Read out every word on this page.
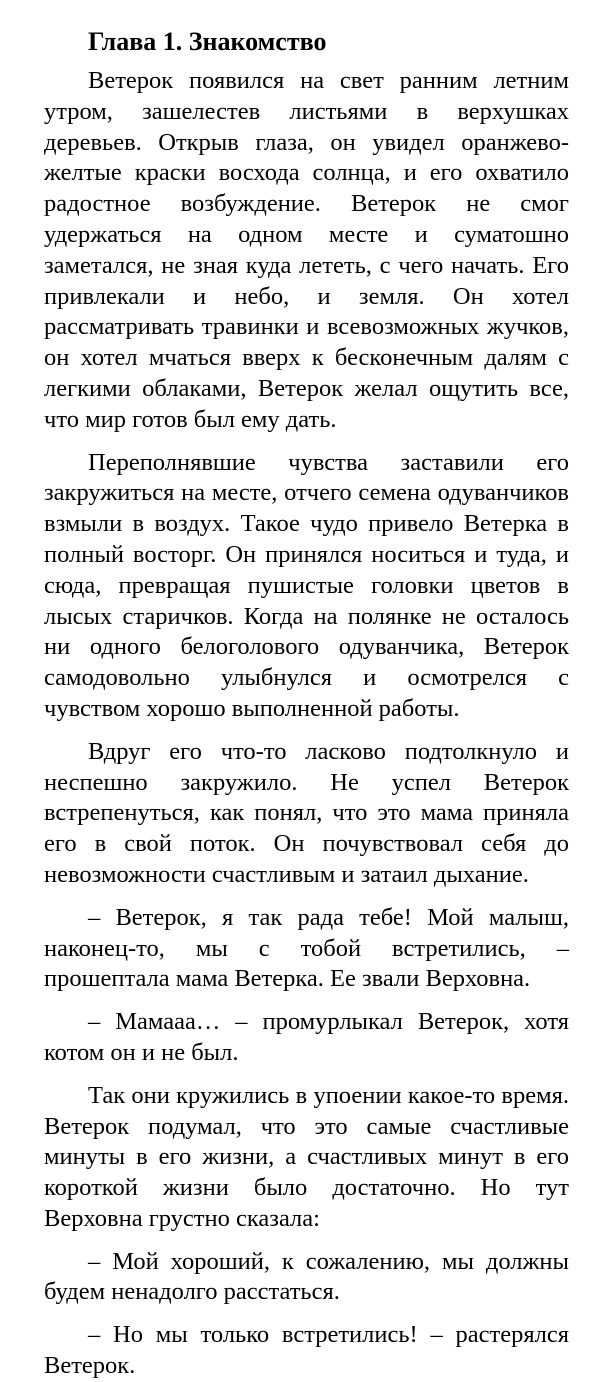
Глава 1. Знакомство

Ветерок появился на свет ранним летним утром, зашелестев листьями в верхушках деревьев. Открыв глаза, он увидел оранжево-желтые краски восхода солнца, и его охватило радостное возбуждение. Ветерок не смог удержаться на одном месте и суматошно заметался, не зная куда лететь, с чего начать. Его привлекали и небо, и земля. Он хотел рассматривать травинки и всевозможных жучков, он хотел мчаться вверх к бесконечным далям с легкими облаками, Ветерок желал ощутить все, что мир готов был ему дать.

Переполнявшие чувства заставили его закружиться на месте, отчего семена одуванчиков взмыли в воздух. Такое чудо привело Ветерка в полный восторг. Он принялся носиться и туда, и сюда, превращая пушистые головки цветов в лысых старичков. Когда на полянке не осталось ни одного белоголового одуванчика, Ветерок самодовольно улыбнулся и осмотрелся с чувством хорошо выполненной работы.

Вдруг его что-то ласково подтолкнуло и неспешно закружило. Не успел Ветерок встрепенуться, как понял, что это мама приняла его в свой поток. Он почувствовал себя до невозможности счастливым и затаил дыхание.

– Ветерок, я так рада тебе! Мой малыш, наконец-то, мы с тобой встретились, – прошептала мама Ветерка. Ее звали Верховна.

– Мамааа… – промурлыкал Ветерок, хотя котом он и не был.

Так они кружились в упоении какое-то время. Ветерок подумал, что это самые счастливые минуты в его жизни, а счастливых минут в его короткой жизни было достаточно. Но тут Верховна грустно сказала:

– Мой хороший, к сожалению, мы должны будем ненадолго расстаться.

– Но мы только встретились! – растерялся Ветерок.
